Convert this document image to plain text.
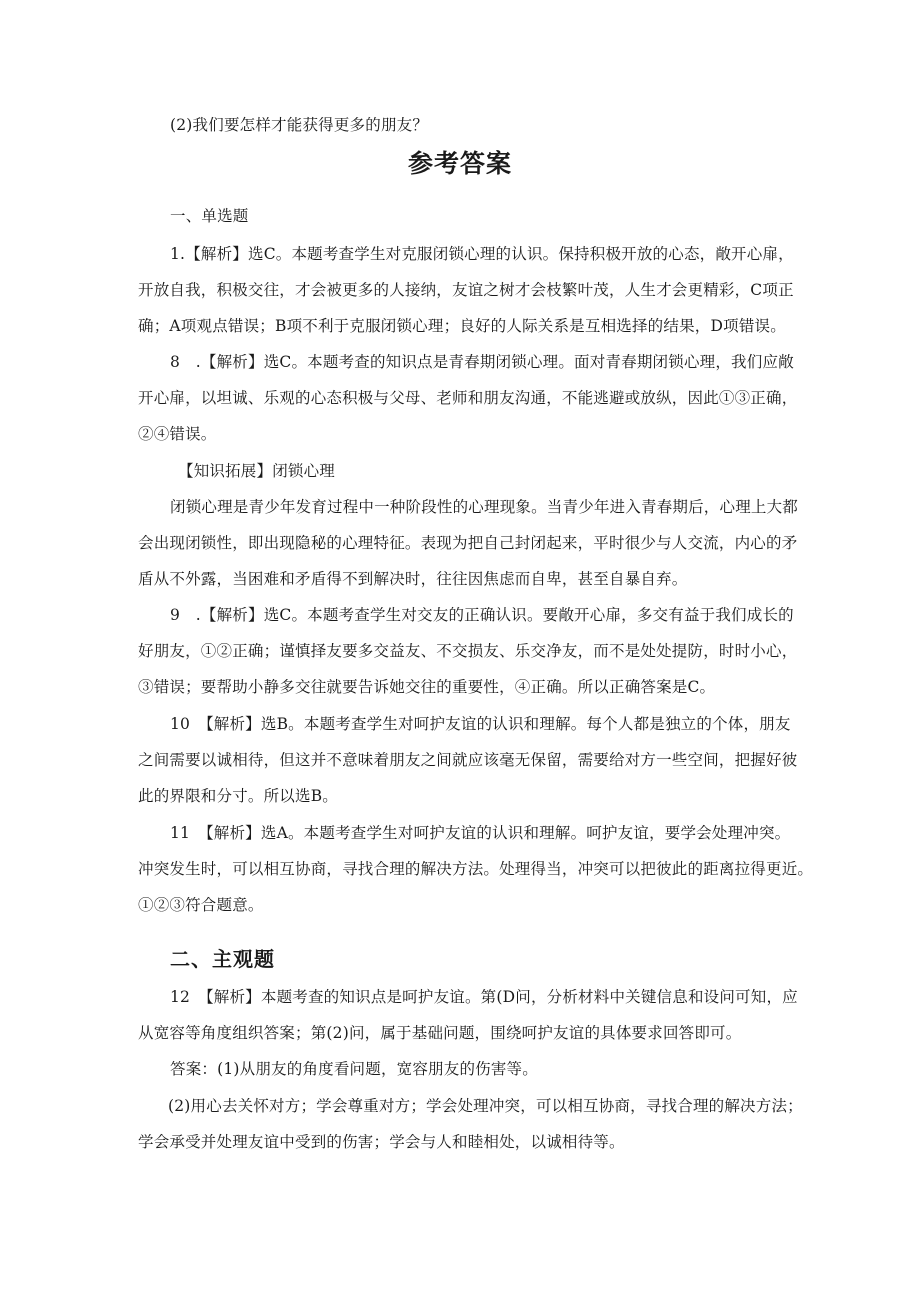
(2)我们要怎样才能获得更多的朋友？
参考答案
一、单选题
1.【解析】选C。本题考查学生对克服闭锁心理的认识。保持积极开放的心态，敞开心扉，
开放自我，积极交往，才会被更多的人接纳，友谊之树才会枝繁叶茂，人生才会更精彩，C项正
确；A项观点错误；B项不利于克服闭锁心理；良好的人际关系是互相选择的结果，D项错误。
8　.【解析】选C。本题考查的知识点是青春期闭锁心理。面对青春期闭锁心理，我们应敞
开心扉，以坦诚、乐观的心态积极与父母、老师和朋友沟通，不能逃避或放纵，因此①③正确，
②④错误。
【知识拓展】闭锁心理
闭锁心理是青少年发育过程中一种阶段性的心理现象。当青少年进入青春期后，心理上大都
会出现闭锁性，即出现隐秘的心理特征。表现为把自己封闭起来，平时很少与人交流，内心的矛
盾从不外露，当困难和矛盾得不到解决时，往往因焦虑而自卑，甚至自暴自弃。
9　.【解析】选C。本题考查学生对交友的正确认识。要敞开心扉，多交有益于我们成长的
好朋友，①②正确；谨慎择友要多交益友、不交损友、乐交净友，而不是处处提防，时时小心，
③错误；要帮助小静多交往就要告诉她交往的重要性，④正确。所以正确答案是C。
10　【解析】选B。本题考查学生对呵护友谊的认识和理解。每个人都是独立的个体，朋友
之间需要以诚相待，但这并不意味着朋友之间就应该毫无保留，需要给对方一些空间，把握好彼
此的界限和分寸。所以选B。
11　【解析】选A。本题考查学生对呵护友谊的认识和理解。呵护友谊，要学会处理冲突。
冲突发生时，可以相互协商，寻找合理的解决方法。处理得当，冲突可以把彼此的距离拉得更近。
①②③符合题意。
二、主观题
12　【解析】本题考查的知识点是呵护友谊。第(D问，分析材料中关键信息和设问可知，应
从宽容等角度组织答案；第(2)问，属于基础问题，围绕呵护友谊的具体要求回答即可。
答案：(1)从朋友的角度看问题，宽容朋友的伤害等。
(2)用心去关怀对方；学会尊重对方；学会处理冲突，可以相互协商，寻找合理的解决方法；
学会承受并处理友谊中受到的伤害；学会与人和睦相处，以诚相待等。
